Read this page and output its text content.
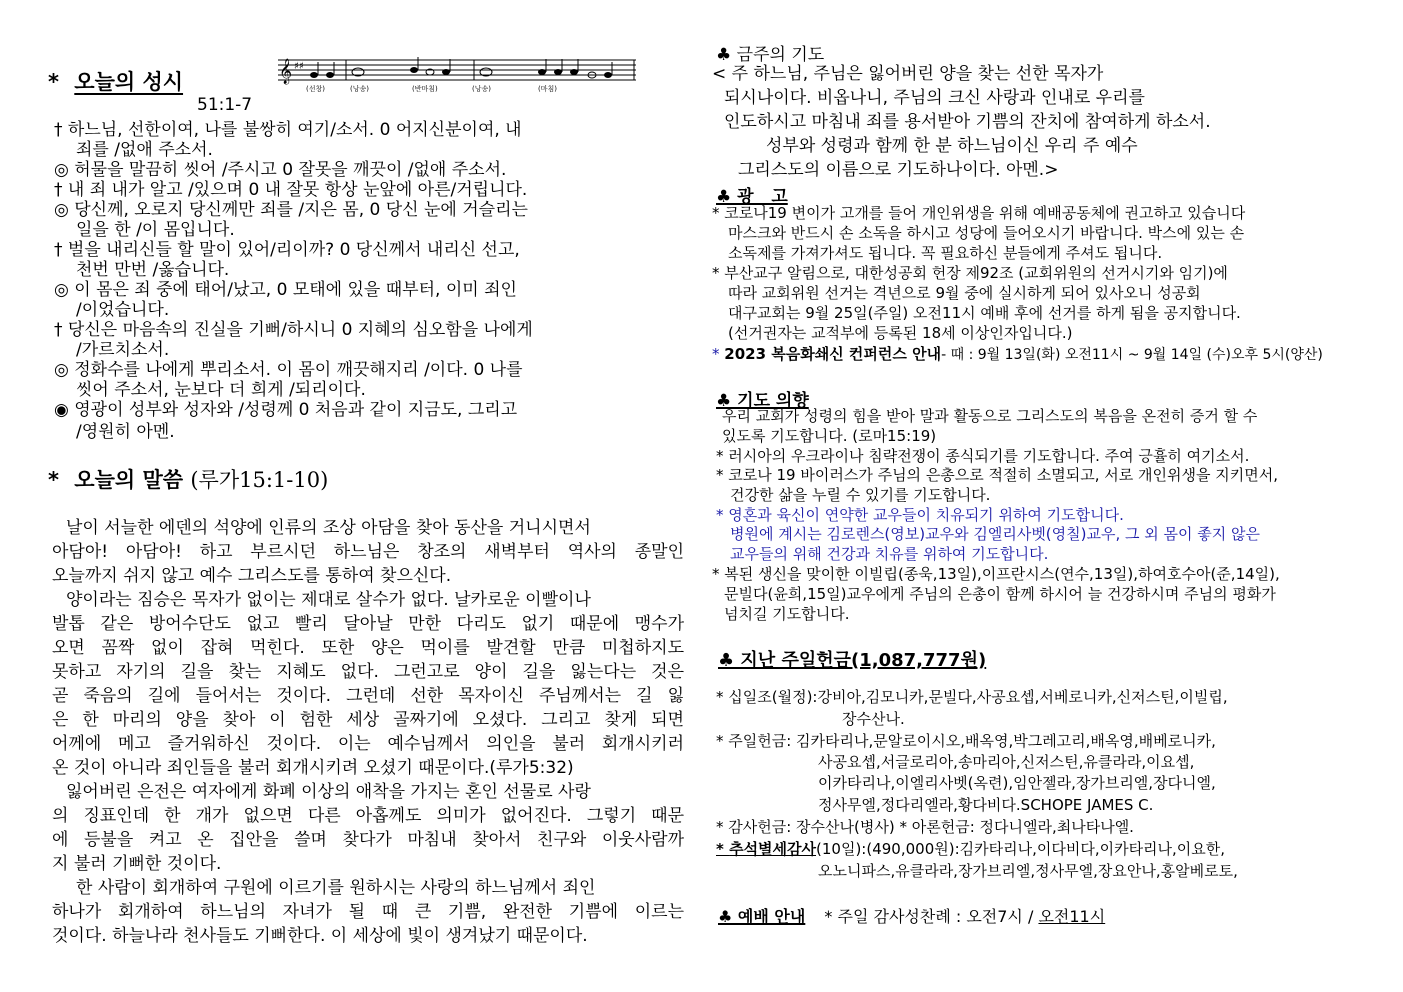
* 오늘의 성시	𝄞 ♯♯
(선창)	(낭송)	(반마침)	(낭송)	(마침)
51:1-7
† 하느님, 선한이여, 나를 불쌍히 여기/소서. 0 어지신분이여, 내
죄를 /없애 주소서.
◎ 허물을 말끔히 씻어 /주시고 0 잘못을 깨끗이 /없애 주소서.
† 내 죄 내가 알고 /있으며 0 내 잘못 항상 눈앞에 아른/거립니다.
◎ 당신께, 오로지 당신께만 죄를 /지은 몸, 0 당신 눈에 거슬리는
일을 한 /이 몸입니다.
† 벌을 내리신들 할 말이 있어/리이까? 0 당신께서 내리신 선고,
천번 만번 /옳습니다.
◎ 이 몸은 죄 중에 태어/났고, 0 모태에 있을 때부터, 이미 죄인
/이었습니다.
† 당신은 마음속의 진실을 기뻐/하시니 0 지혜의 심오함을 나에게
/가르치소서.
◎ 정화수를 나에게 뿌리소서. 이 몸이 깨끗해지리 /이다. 0 나를
씻어 주소서, 눈보다 더 희게 /되리이다.
◉ 영광이 성부와 성자와 /성령께 0 처음과 같이 지금도, 그리고
/영원히 아멘.
* 오늘의 말씀 (루가15:1-10)
날이 서늘한 에덴의 석양에 인류의 조상 아담을 찾아 동산을 거니시면서
아담아! 아담아! 하고 부르시던 하느님은 창조의 새벽부터 역사의 종말인
오늘까지 쉬지 않고 예수 그리스도를 통하여 찾으신다.
양이라는 짐승은 목자가 없이는 제대로 살수가 없다. 날카로운 이빨이나
발톱 같은 방어수단도 없고 빨리 달아날 만한 다리도 없기 때문에 맹수가
오면 꼼짝 없이 잡혀 먹힌다. 또한 양은 먹이를 발견할 만큼 미첩하지도
못하고 자기의 길을 찾는 지혜도 없다. 그런고로 양이 길을 잃는다는 것은
곧 죽음의 길에 들어서는 것이다. 그런데 선한 목자이신 주님께서는 길 잃
은 한 마리의 양을 찾아 이 험한 세상 골짜기에 오셨다. 그리고 찾게 되면
어께에 메고 즐거워하신 것이다. 이는 예수님께서 의인을 불러 회개시키러
온 것이 아니라 죄인들을 불러 회개시키려 오셨기 때문이다.(루가5:32)
잃어버린 은전은 여자에게 화폐 이상의 애착을 가지는 혼인 선물로 사랑
의 징표인데 한 개가 없으면 다른 아홉께도 의미가 없어진다. 그렇기 때문
에 등불을 켜고 온 집안을 쓸며 찾다가 마침내 찾아서 친구와 이웃사람까
지 불러 기뻐한 것이다.
한 사람이 회개하여 구원에 이르기를 원하시는 사랑의 하느님께서 죄인
하나가 회개하여 하느님의 자녀가 될 때 큰 기쁨, 완전한 기쁨에 이르는
것이다. 하늘나라 천사들도 기뻐한다. 이 세상에 빛이 생겨났기 때문이다.
♣ 금주의 기도
< 주 하느님, 주님은 잃어버린 양을 찾는 선한 목자가
되시나이다. 비옵나니, 주님의 크신 사랑과 인내로 우리를
인도하시고 마침내 죄를 용서받아 기쁨의 잔치에 참여하게 하소서.
성부와 성령과 함께 한 분 하느님이신 우리 주 예수
그리스도의 이름으로 기도하나이다. 아멘.>
♣ 광   고
* 코로나19 변이가 고개를 들어 개인위생을 위해 예배공동체에 권고하고 있습니다
마스크와 반드시 손 소독을 하시고 성당에 들어오시기 바랍니다. 박스에 있는 손
소독제를 가져가셔도 됩니다. 꼭 필요하신 분들에게 주셔도 됩니다.
* 부산교구 알림으로, 대한성공회 헌장 제92조 (교회위원의 선거시기와 임기)에
따라 교회위원 선거는 격년으로 9월 중에 실시하게 되어 있사오니 성공회
대구교회는 9월 25일(주일) 오전11시 예배 후에 선거를 하게 됨을 공지합니다.
(선거권자는 교적부에 등록된 18세 이상인자입니다.)
* 2023 복음화쇄신 컨퍼런스 안내- 때 : 9월 13일(화) 오전11시 ~ 9월 14일 (수)오후 5시(양산)
♣ 기도 의향
우리 교회가 성령의 힘을 받아 말과 활동으로 그리스도의 복음을 온전히 증거 할 수
있도록 기도합니다. (로마15:19)
* 러시아의 우크라이나 침략전쟁이 종식되기를 기도합니다. 주여 긍휼히 여기소서.
* 코로나 19 바이러스가 주님의 은총으로 적절히 소멸되고, 서로 개인위생을 지키면서,
건강한 삶을 누릴 수 있기를 기도합니다.
* 영혼과 육신이 연약한 교우들이 치유되기 위하여 기도합니다.
병원에 계시는 김로렌스(영보)교우와 김엘리사벳(영칠)교우, 그 외 몸이 좋지 않은
교우들의 위해 건강과 치유를 위하여 기도합니다.
* 복된 생신을 맞이한 이빌립(종욱,13일),이프란시스(연수,13일),하여호수아(준,14일),
문빌다(윤희,15일)교우에게 주님의 은총이 함께 하시어 늘 건강하시며 주님의 평화가
넘치길 기도합니다.
♣ 지난 주일헌금(1,087,777원)
* 십일조(월정):강비아,김모니카,문빌다,사공요셉,서베로니카,신저스틴,이빌립,
장수산나.
* 주일헌금: 김카타리나,문알로이시오,배옥영,박그레고리,배옥영,배베로니카,
사공요셉,서글로리아,송마리아,신저스틴,유클라라,이요셉,
이카타리나,이엘리사벳(옥련),임안젤라,장가브리엘,장다니엘,
정사무엘,정다리엘라,황다비다.SCHOPE JAMES C.
* 감사헌금: 장수산나(병사) * 아론헌금: 정다니엘라,최나타나엘.
* 추석별세감사(10일):(490,000원):김카타리나,이다비다,이카타리나,이요한,
오노니파스,유클라라,장가브리엘,정사무엘,장요안나,홍알베로토,
♣ 예배 안내 * 주일 감사성찬례 : 오전7시 / 오전11시
